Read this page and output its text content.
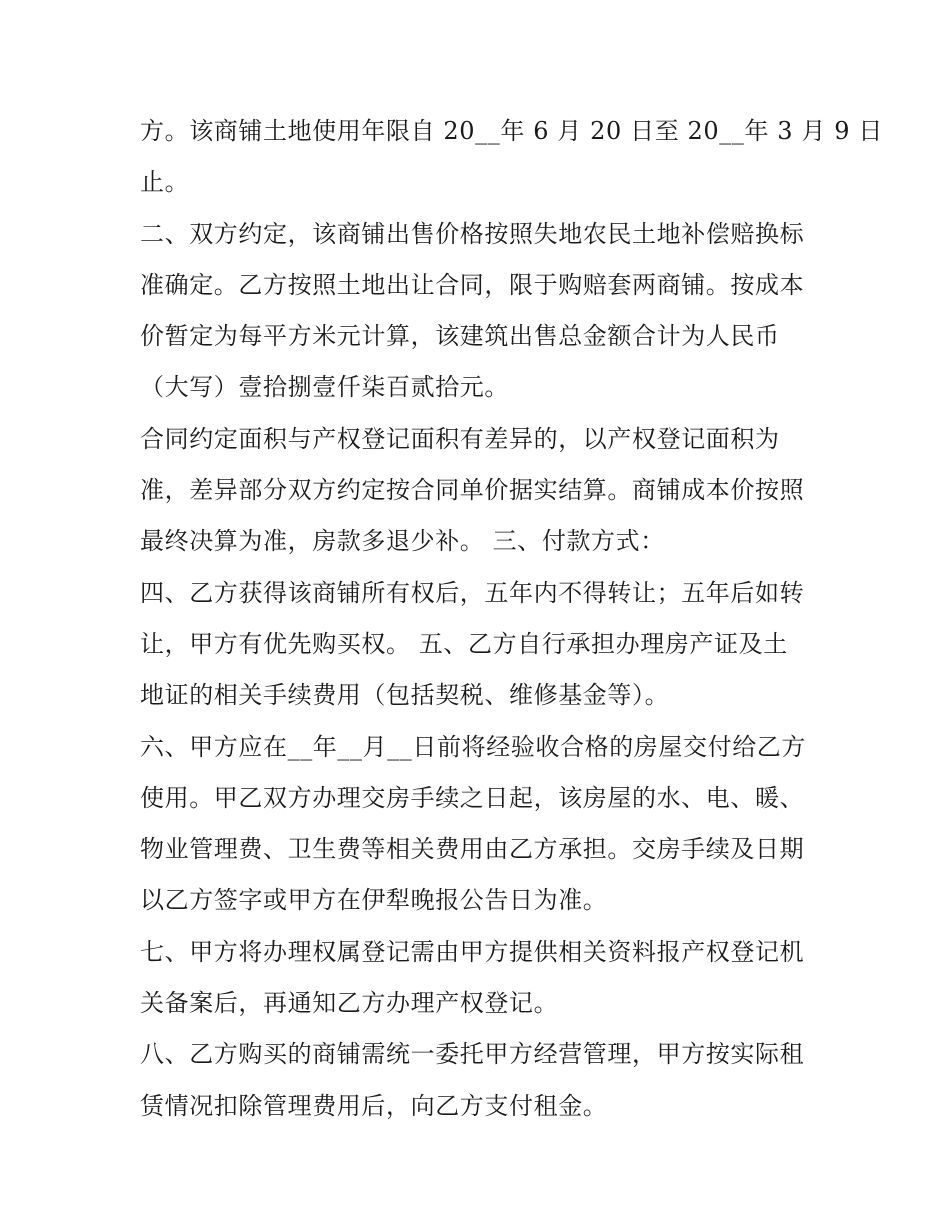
方。该商铺土地使用年限自 20__年 6 月 20 日至 20__年 3 月 9 日
止。
二、双方约定，该商铺出售价格按照失地农民土地补偿赔换标
准确定。乙方按照土地出让合同，限于购赔套两商铺。按成本
价暂定为每平方米元计算，该建筑出售总金额合计为人民币
（大写）壹拾捌壹仟柒百贰拾元。
合同约定面积与产权登记面积有差异的，以产权登记面积为
准，差异部分双方约定按合同单价据实结算。商铺成本价按照
最终决算为准，房款多退少补。 三、付款方式：
四、乙方获得该商铺所有权后，五年内不得转让；五年后如转
让，甲方有优先购买权。 五、乙方自行承担办理房产证及土
地证的相关手续费用（包括契税、维修基金等）。
六、甲方应在__年__月__日前将经验收合格的房屋交付给乙方
使用。甲乙双方办理交房手续之日起，该房屋的水、电、暖、
物业管理费、卫生费等相关费用由乙方承担。交房手续及日期
以乙方签字或甲方在伊犁晚报公告日为准。
七、甲方将办理权属登记需由甲方提供相关资料报产权登记机
关备案后，再通知乙方办理产权登记。
八、乙方购买的商铺需统一委托甲方经营管理，甲方按实际租
赁情况扣除管理费用后，向乙方支付租金。
